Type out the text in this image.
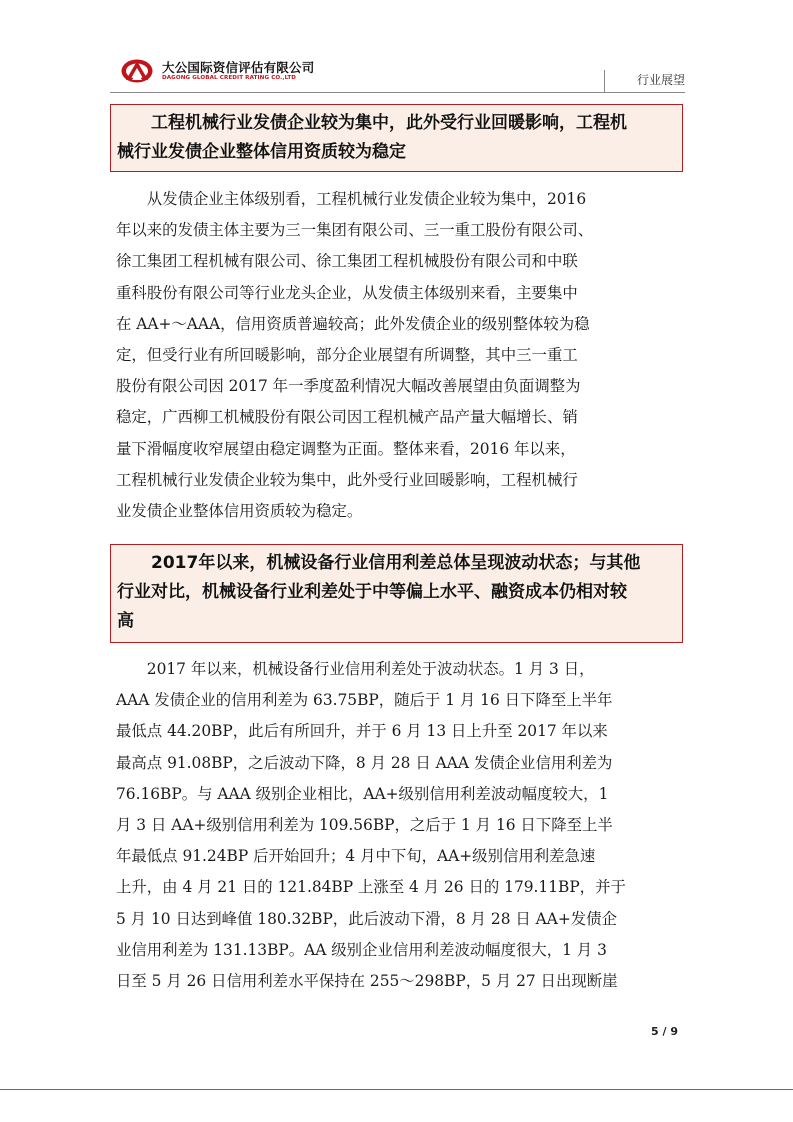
大公国际资信评估有限公司
DAGONG GLOBAL CREDIT RATING CO.,LTD	行业展望

　　工程机械行业发债企业较为集中，此外受行业回暖影响，工程机

械行业发债企业整体信用资质较为稳定

　　从发债企业主体级别看，工程机械行业发债企业较为集中，2016
年以来的发债主体主要为三一集团有限公司、三一重工股份有限公司、
徐工集团工程机械有限公司、徐工集团工程机械股份有限公司和中联
重科股份有限公司等行业龙头企业，从发债主体级别来看，主要集中
在 AA+～AAA，信用资质普遍较高；此外发债企业的级别整体较为稳
定，但受行业有所回暖影响，部分企业展望有所调整，其中三一重工
股份有限公司因 2017 年一季度盈利情况大幅改善展望由负面调整为
稳定，广西柳工机械股份有限公司因工程机械产品产量大幅增长、销
量下滑幅度收窄展望由稳定调整为正面。整体来看，2016 年以来，
工程机械行业发债企业较为集中，此外受行业回暖影响，工程机械行
业发债企业整体信用资质较为稳定。

　　2017年以来，机械设备行业信用利差总体呈现波动状态；与其他

行业对比，机械设备行业利差处于中等偏上水平、融资成本仍相对较

高

　　2017 年以来，机械设备行业信用利差处于波动状态。1 月 3 日，
AAA 发债企业的信用利差为 63.75BP，随后于 1 月 16 日下降至上半年
最低点 44.20BP，此后有所回升，并于 6 月 13 日上升至 2017 年以来
最高点 91.08BP，之后波动下降，8 月 28 日 AAA 发债企业信用利差为
76.16BP。与 AAA 级别企业相比，AA+级别信用利差波动幅度较大，1
月 3 日 AA+级别信用利差为 109.56BP，之后于 1 月 16 日下降至上半
年最低点 91.24BP 后开始回升；4 月中下旬，AA+级别信用利差急速
上升，由 4 月 21 日的 121.84BP 上涨至 4 月 26 日的 179.11BP，并于
5 月 10 日达到峰值 180.32BP，此后波动下滑，8 月 28 日 AA+发债企
业信用利差为 131.13BP。AA 级别企业信用利差波动幅度很大，1 月 3
日至 5 月 26 日信用利差水平保持在 255～298BP，5 月 27 日出现断崖
5 / 9
